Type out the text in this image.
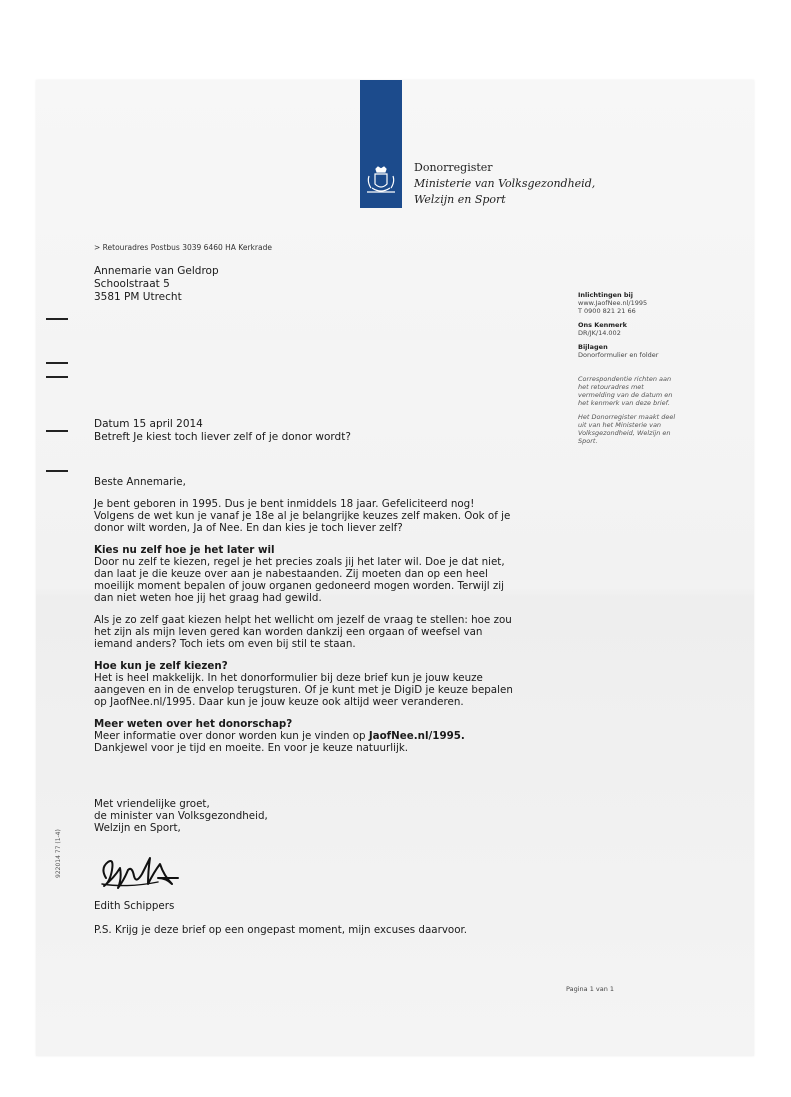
Donorregister
Ministerie van Volksgezondheid,
Welzijn en Sport
> Retouradres Postbus 3039 6460 HA Kerkrade
Annemarie van Geldrop
Schoolstraat 5
3581 PM Utrecht	Inlichtingen bij
www.JaofNee.nl/1995
T 0900 821 21 66
Ons Kenmerk
DR/JK/14.002
Bijlagen
Donorformulier en folder
Correspondentie richten aan
het retouradres met
vermelding van de datum en
het kenmerk van deze brief.
Het Donorregister maakt deel
uit van het Ministerie van
Volksgezondheid, Welzijn en
Sport.
Datum 15 april 2014
Betreft Je kiest toch liever zelf of je donor wordt?

Beste Annemarie,

Je bent geboren in 1995. Dus je bent inmiddels 18 jaar. Gefeliciteerd nog!
Volgens de wet kun je vanaf je 18e al je belangrijke keuzes zelf maken. Ook of je
donor wilt worden, Ja of Nee. En dan kies je toch liever zelf?

Kies nu zelf hoe je het later wil

Door nu zelf te kiezen, regel je het precies zoals jij het later wil. Doe je dat niet,
dan laat je die keuze over aan je nabestaanden. Zij moeten dan op een heel
moeilijk moment bepalen of jouw organen gedoneerd mogen worden. Terwijl zij
dan niet weten hoe jij het graag had gewild.

Als je zo zelf gaat kiezen helpt het wellicht om jezelf de vraag te stellen: hoe zou
het zijn als mijn leven gered kan worden dankzij een orgaan of weefsel van
iemand anders? Toch iets om even bij stil te staan.

Hoe kun je zelf kiezen?

Het is heel makkelijk. In het donorformulier bij deze brief kun je jouw keuze
aangeven en in de envelop terugsturen. Of je kunt met je DigiD je keuze bepalen
op JaofNee.nl/1995. Daar kun je jouw keuze ook altijd weer veranderen.

Meer weten over het donorschap?

Meer informatie over donor worden kun je vinden op JaofNee.nl/1995.
Dankjewel voor je tijd en moeite. En voor je keuze natuurlijk.

Met vriendelijke groet,
de minister van Volksgezondheid,
Welzijn en Sport,
Edith Schippers
P.S. Krijg je deze brief op een ongepast moment, mijn excuses daarvoor.
Pagina 1 van 1
922014 77 (1-4)
